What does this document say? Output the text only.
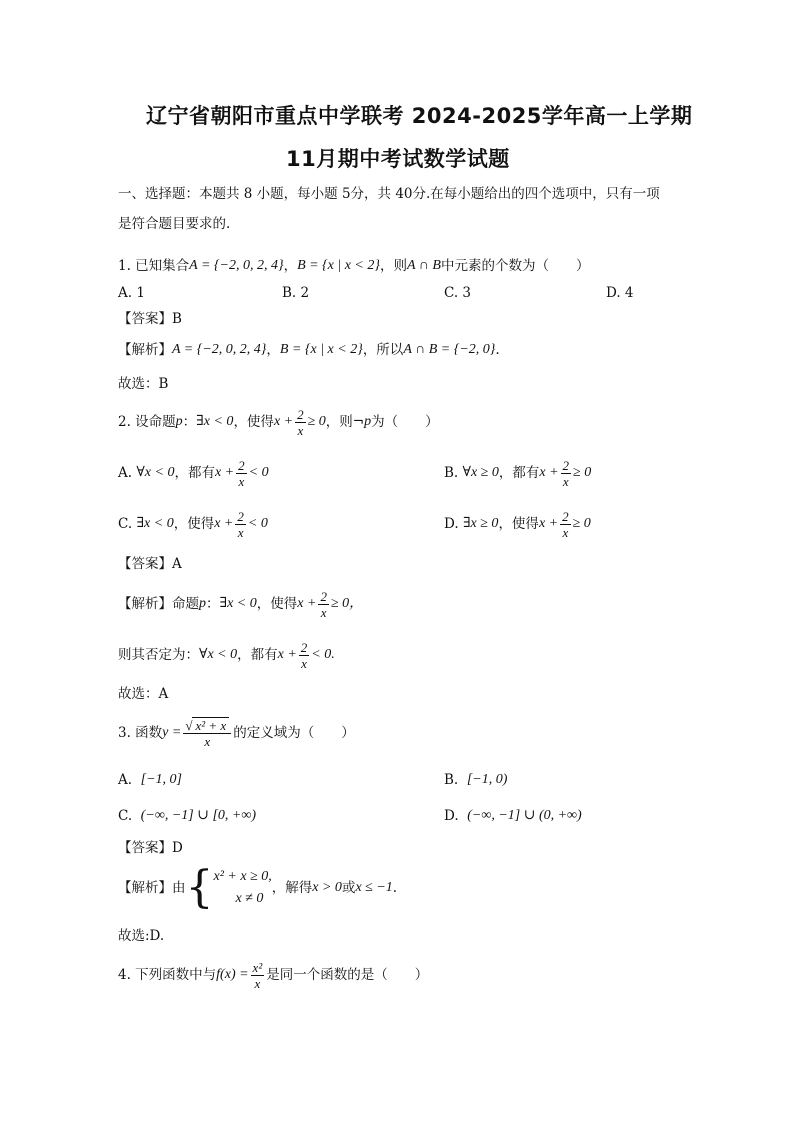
辽宁省朝阳市重点中学联考 2024-2025学年高一上学期
11月期中考试数学试题
一、选择题：本题共 8 小题，每小题 5分，共 40分.在每小题给出的四个选项中，只有一项
是符合题目要求的.
1. 已知集合 A = {−2, 0, 2, 4} ， B = {x | x < 2} ，则 A ∩ B 中元素的个数为（　　）
A. 1	B. 2	C. 3	D. 4
【答案】B
【解析】 A = {−2, 0, 2, 4} ， B = {x | x < 2} ，所以 A ∩ B = {−2, 0} .
故选：B
2. 设命题 p ： ∃x < 0 ，使得 $x + \frac{2}{x} \ge 0$ ，则¬ p 为（　　）
A.
∀x < 0 ，都有 $x + \frac{2}{x} < 0$	B.
∀x ≥ 0 ，都有 $x + \frac{2}{x} \ge 0$
C.
∃x < 0 ，使得 $x + \frac{2}{x} < 0$	D.
∃x ≥ 0 ，使得 $x + \frac{2}{x} \ge 0$
【答案】A
【解析】 命题 p ： ∃x < 0 ，使得 $x + \frac{2}{x} \ge 0$，
则其否定为： ∀x < 0 ，都有 $x + \frac{2}{x} < 0$.
故选：A
3. 函数 $y = \frac{\text{√ x² + x}}{x}$ 的定义域为（　　）
A.
[−1, 0]	B.
[−1, 0)
C.
(−∞, −1] ∪ [0, +∞)	D.
(−∞, −1] ∪ (0, +∞)
【答案】D
【解析】 由 { x² + x ≥ 0,
x ≠ 0
，解得 x > 0 或 x ≤ −1 .
故选:D.
4. 下列函数中与 $f(x) = \frac{\text{x²}}{x}$ 是同一个函数的是（　　）
